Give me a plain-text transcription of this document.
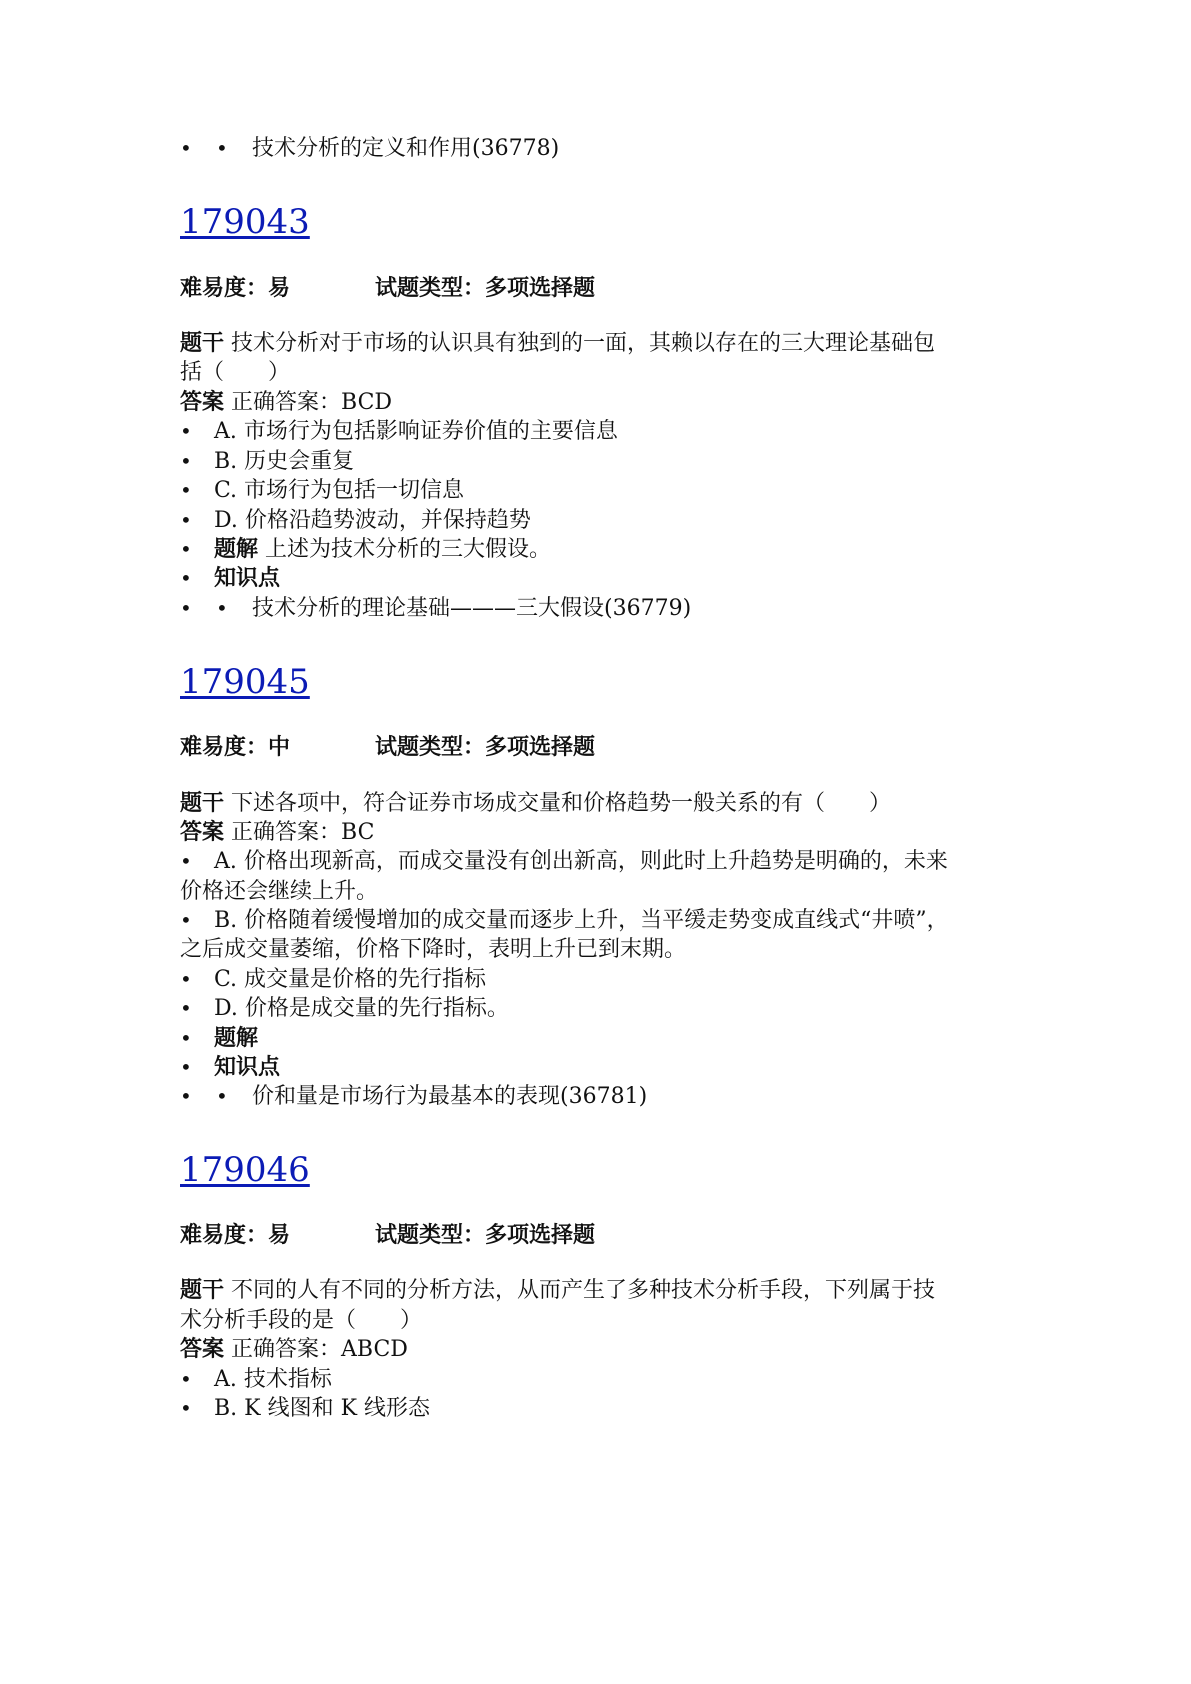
• 技术分析的定义和作用(36778)
179043
难易度：易	试题类型：多项选择题
题干 技术分析对于市场的认识具有独到的一面，其赖以存在的三大理论基础包
括（　　）
答案 正确答案：BCD
A. 市场行为包括影响证券价值的主要信息
B. 历史会重复
C. 市场行为包括一切信息
D. 价格沿趋势波动，并保持趋势
题解 上述为技术分析的三大假设。
知识点
• 技术分析的理论基础———三大假设(36779)
179045
难易度：中	试题类型：多项选择题
题干 下述各项中，符合证券市场成交量和价格趋势一般关系的有（　　）
答案 正确答案：BC
A. 价格出现新高，而成交量没有创出新高，则此时上升趋势是明确的，未来
价格还会继续上升。
B. 价格随着缓慢增加的成交量而逐步上升，当平缓走势变成直线式“井喷”，
之后成交量萎缩，价格下降时，表明上升已到末期。
C. 成交量是价格的先行指标
D. 价格是成交量的先行指标。
题解
知识点
• 价和量是市场行为最基本的表现(36781)
179046
难易度：易	试题类型：多项选择题
题干 不同的人有不同的分析方法，从而产生了多种技术分析手段，下列属于技
术分析手段的是（　　）
答案 正确答案：ABCD
A. 技术指标
B. K 线图和 K 线形态
